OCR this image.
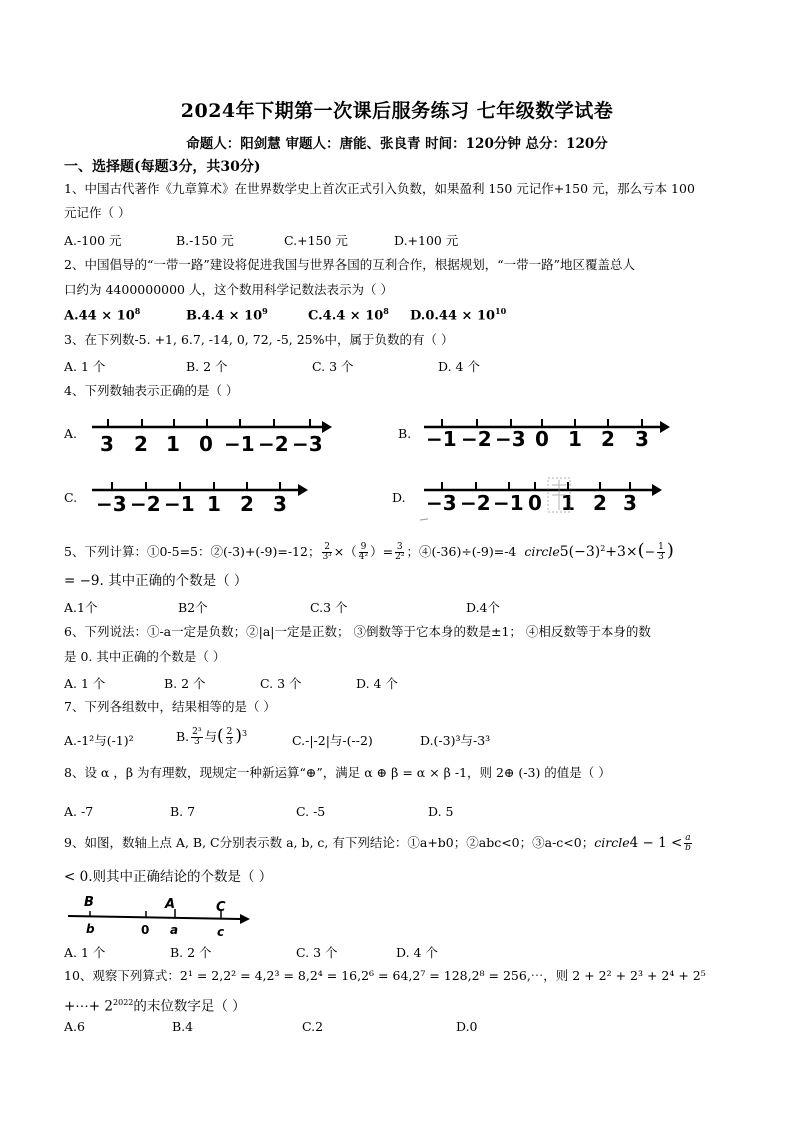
2024年下期第一次课后服务练习 七年级数学试卷
命题人：阳剑慧 审题人：唐能、张良青 时间：120分钟 总分：120分
一、选择题(每题3分，共30分)
1、中国古代著作《九章算术》在世界数学史上首次正式引入负数，如果盈利 150 元记作+150 元，那么亏本 100
元记作（ ）
A.-100 元	B.-150 元	C.+150 元	D.+100 元
2、中国倡导的“一带一路”建设将促进我国与世界各国的互利合作，根据规划，“一带一路”地区覆盖总人
口约为 4400000000 人，这个数用科学记数法表示为（ ）
$A.44 \times 10^8$	$B.4.4 \times 10^9$	$C.4.4 \times 10^8$ $D.0.44 \times 10^{10}$
3、在下列数-5. +1, 6.7, -14, 0, 72, -5, 25%中，属于负数的有（ ）
A. 1 个	B. 2 个	C. 3 个	D. 4 个
4、下列数轴表示正确的是（ ）
A.	B.
C.	D.
3 2 1 0 −1 −2 −3	−1 −2 −3 0 1 2 3
−3 −2 −1 1 2 3	−3 −2 −1 0 1 2 3
B	A	C
b	0 a	c
5、下列计算：①0-5=5：②(-3)+(-9)=-12； $\frac{2}{\text{3³}}$ ×（ $\frac{9}{\text{4²}}$ ）= $\frac{3}{\text{2²}}$ ；④(-36)÷(-9)=-4 $circle5(-3)^2+3\times(- \frac{1}{3}$ )
= −9. 其中正确的个数是（ ）
A.1个	B2个	C.3 个	D.4个
6、下列说法：①-a一定是负数；②|a|一定是正数； ③倒数等于它本身的数是±1； ④相反数等于本身的数
是 0. 其中正确的个数是（ ）
A. 1 个	B. 2 个	C. 3 个	D. 4 个
7、下列各组数中，结果相等的是（ ）
A.-1²与(-1)²	B. $\frac{\text{2³}}{3}$ 与( $\frac{2}{3} )^3$	C.-|-2|与-(--2)	D.(-3)³与-3³
8、设 α ，β 为有理数，现规定一种新运算“⊕”，满足 α ⊕ β = α × β -1，则 2⊕ (-3) 的值是（ ）
A. -7	B. 7	C. -5	D. 5
9、如图，数轴上点 A, B, C分别表示数 a, b, c, 有下列结论：①a+b0；②abc<0；③a-c<0；circle4 − $1 < \frac{a}{b}$
< 0.则其中正确结论的个数是（ ）
A. 1 个	B. 2 个	C. 3 个	D. 4 个
10、观察下列算式：2¹ = 2,2² = 4,2³ = 8,2⁴ = 16,2⁶ = 64,2⁷ = 128,2⁸ = 256,⋯，则 2 + 2² + 2³ + 2⁴ + 2⁵
+⋯+ $2^{2022}$的末位数字足（ ）
A.6	B.4	C.2	D.0
